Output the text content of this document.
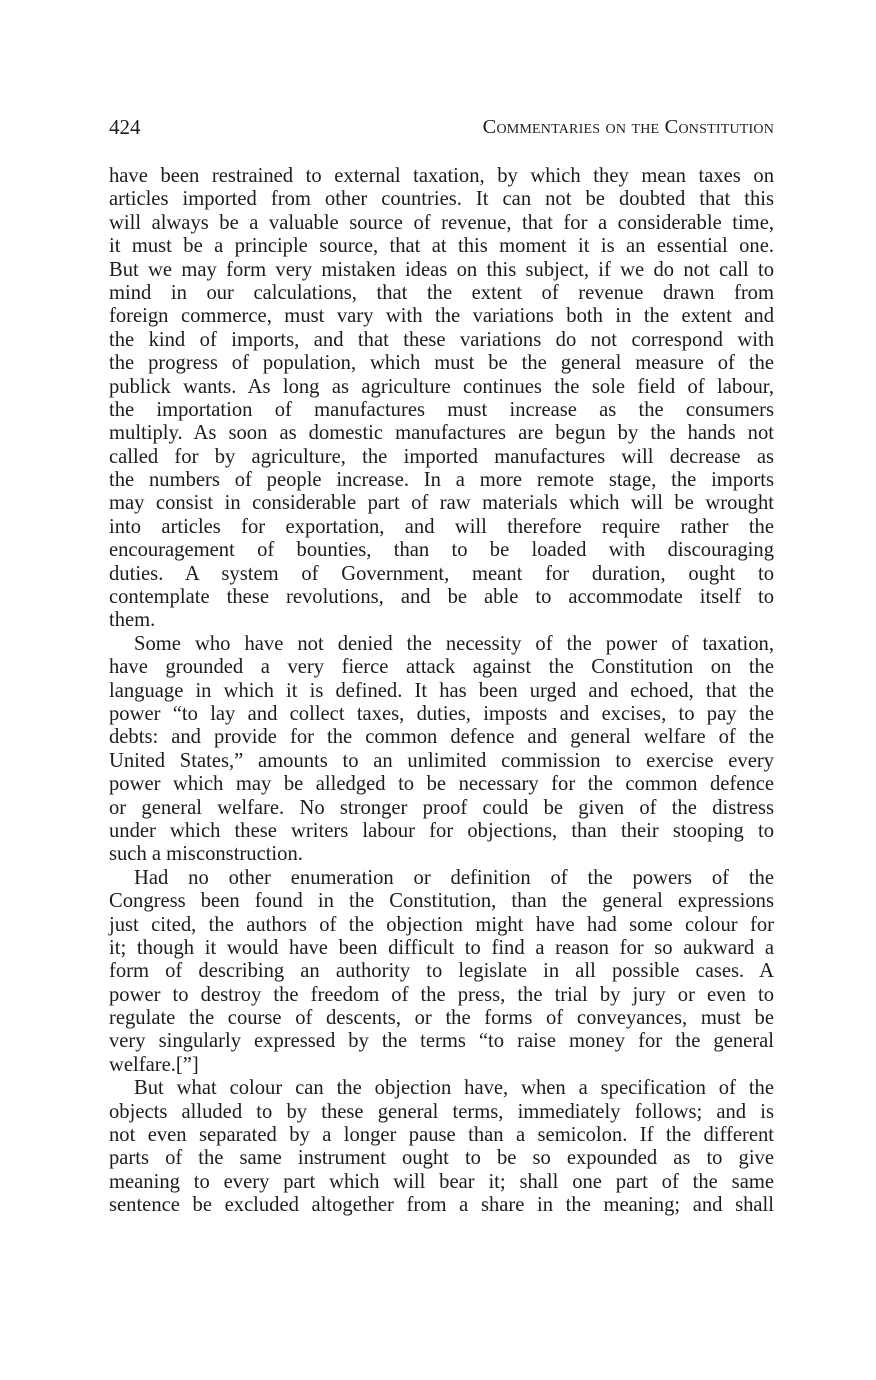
424	Commentaries on the Constitution
have been restrained to external taxation, by which they mean taxes on
articles imported from other countries. It can not be doubted that this
will always be a valuable source of revenue, that for a considerable time,
it must be a principle source, that at this moment it is an essential one.
But we may form very mistaken ideas on this subject, if we do not call to
mind in our calculations, that the extent of revenue drawn from
foreign commerce, must vary with the variations both in the extent and
the kind of imports, and that these variations do not correspond with
the progress of population, which must be the general measure of the
publick wants. As long as agriculture continues the sole field of labour,
the importation of manufactures must increase as the consumers
multiply. As soon as domestic manufactures are begun by the hands not
called for by agriculture, the imported manufactures will decrease as
the numbers of people increase. In a more remote stage, the imports
may consist in considerable part of raw materials which will be wrought
into articles for exportation, and will therefore require rather the
encouragement of bounties, than to be loaded with discouraging
duties. A system of Government, meant for duration, ought to
contemplate these revolutions, and be able to accommodate itself to
them.
Some who have not denied the necessity of the power of taxation,
have grounded a very fierce attack against the Constitution on the
language in which it is defined. It has been urged and echoed, that the
power “to lay and collect taxes, duties, imposts and excises, to pay the
debts: and provide for the common defence and general welfare of the
United States,” amounts to an unlimited commission to exercise every
power which may be alledged to be necessary for the common defence
or general welfare. No stronger proof could be given of the distress
under which these writers labour for objections, than their stooping to
such a misconstruction.
Had no other enumeration or definition of the powers of the
Congress been found in the Constitution, than the general expressions
just cited, the authors of the objection might have had some colour for
it; though it would have been difficult to find a reason for so aukward a
form of describing an authority to legislate in all possible cases. A
power to destroy the freedom of the press, the trial by jury or even to
regulate the course of descents, or the forms of conveyances, must be
very singularly expressed by the terms “to raise money for the general
welfare.[”]
But what colour can the objection have, when a specification of the
objects alluded to by these general terms, immediately follows; and is
not even separated by a longer pause than a semicolon. If the different
parts of the same instrument ought to be so expounded as to give
meaning to every part which will bear it; shall one part of the same
sentence be excluded altogether from a share in the meaning; and shall
